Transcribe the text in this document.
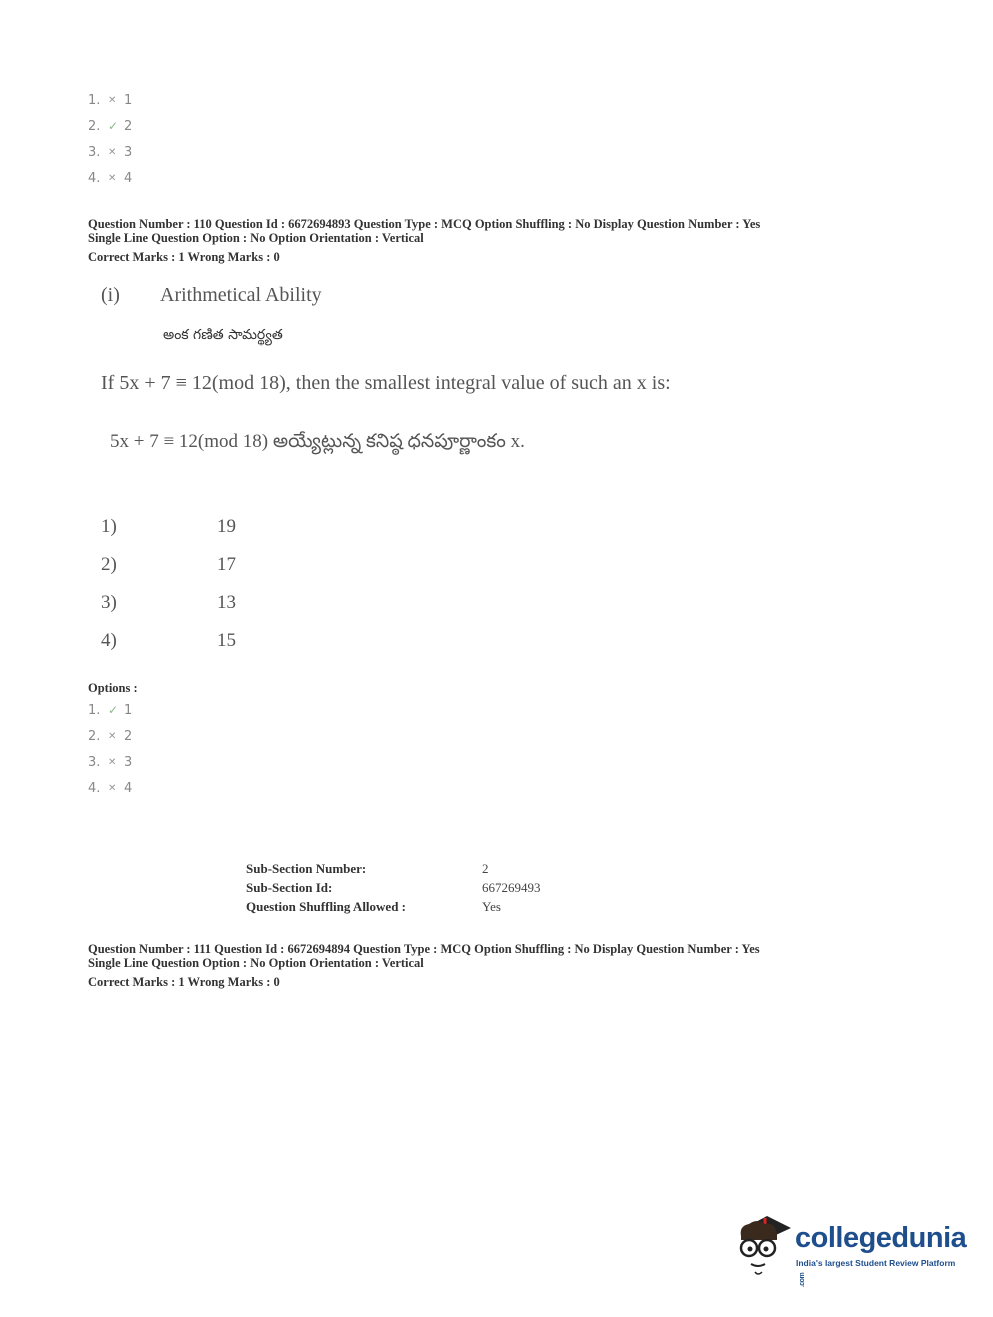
1. ✕ 1
2. ✓ 2
3. ✕ 3
4. ✕ 4
Question Number : 110 Question Id : 6672694893 Question Type : MCQ Option Shuffling : No Display Question Number : Yes
Single Line Question Option : No Option Orientation : Vertical
Correct Marks : 1 Wrong Marks : 0
(i) Arithmetical Ability
అంక గణిత సామర్థ్యత
If 5x + 7 ≡ 12(mod 18), then the smallest integral value of such an x is:
5x + 7 ≡ 12(mod 18) అయ్యేట్లున్న కనిష్ఠ ధనపూర్ణాంకం x.
1)	19
2)	17
3)	13
4)	15
Options :
1. ✓ 1
2. ✕ 2
3. ✕ 3
4. ✕ 4
Sub-Section Number:	2
Sub-Section Id:	667269493
Question Shuffling Allowed :	Yes
Question Number : 111 Question Id : 6672694894 Question Type : MCQ Option Shuffling : No Display Question Number : Yes
Single Line Question Option : No Option Orientation : Vertical
Correct Marks : 1 Wrong Marks : 0
collegedunia.com
India's largest Student Review Platform
